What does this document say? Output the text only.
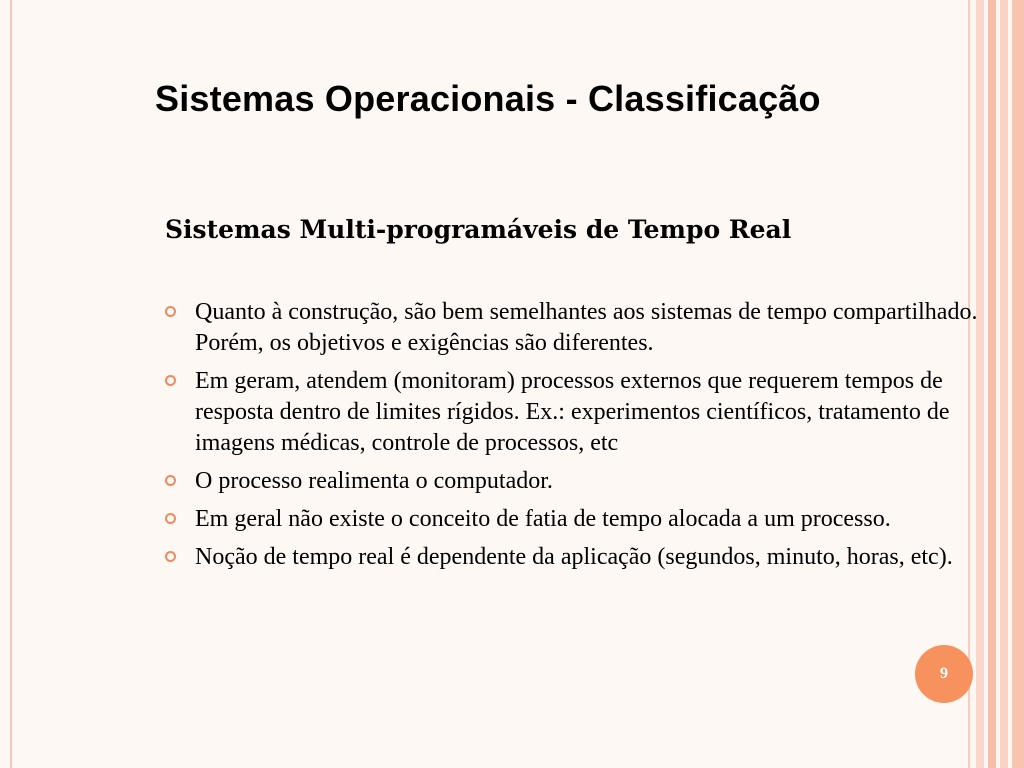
Sistemas Operacionais - Classificação
Sistemas Multi-programáveis de Tempo Real
Quanto à construção, são bem semelhantes aos sistemas de tempo compartilhado. Porém, os objetivos e exigências são diferentes.
Em geram, atendem (monitoram) processos externos que requerem tempos de resposta dentro de limites rígidos. Ex.: experimentos científicos, tratamento de imagens médicas, controle de processos, etc
O processo realimenta o computador.
Em geral não existe o conceito de fatia de tempo alocada a um processo.
Noção de tempo real é dependente da aplicação (segundos, minuto, horas, etc).
9
